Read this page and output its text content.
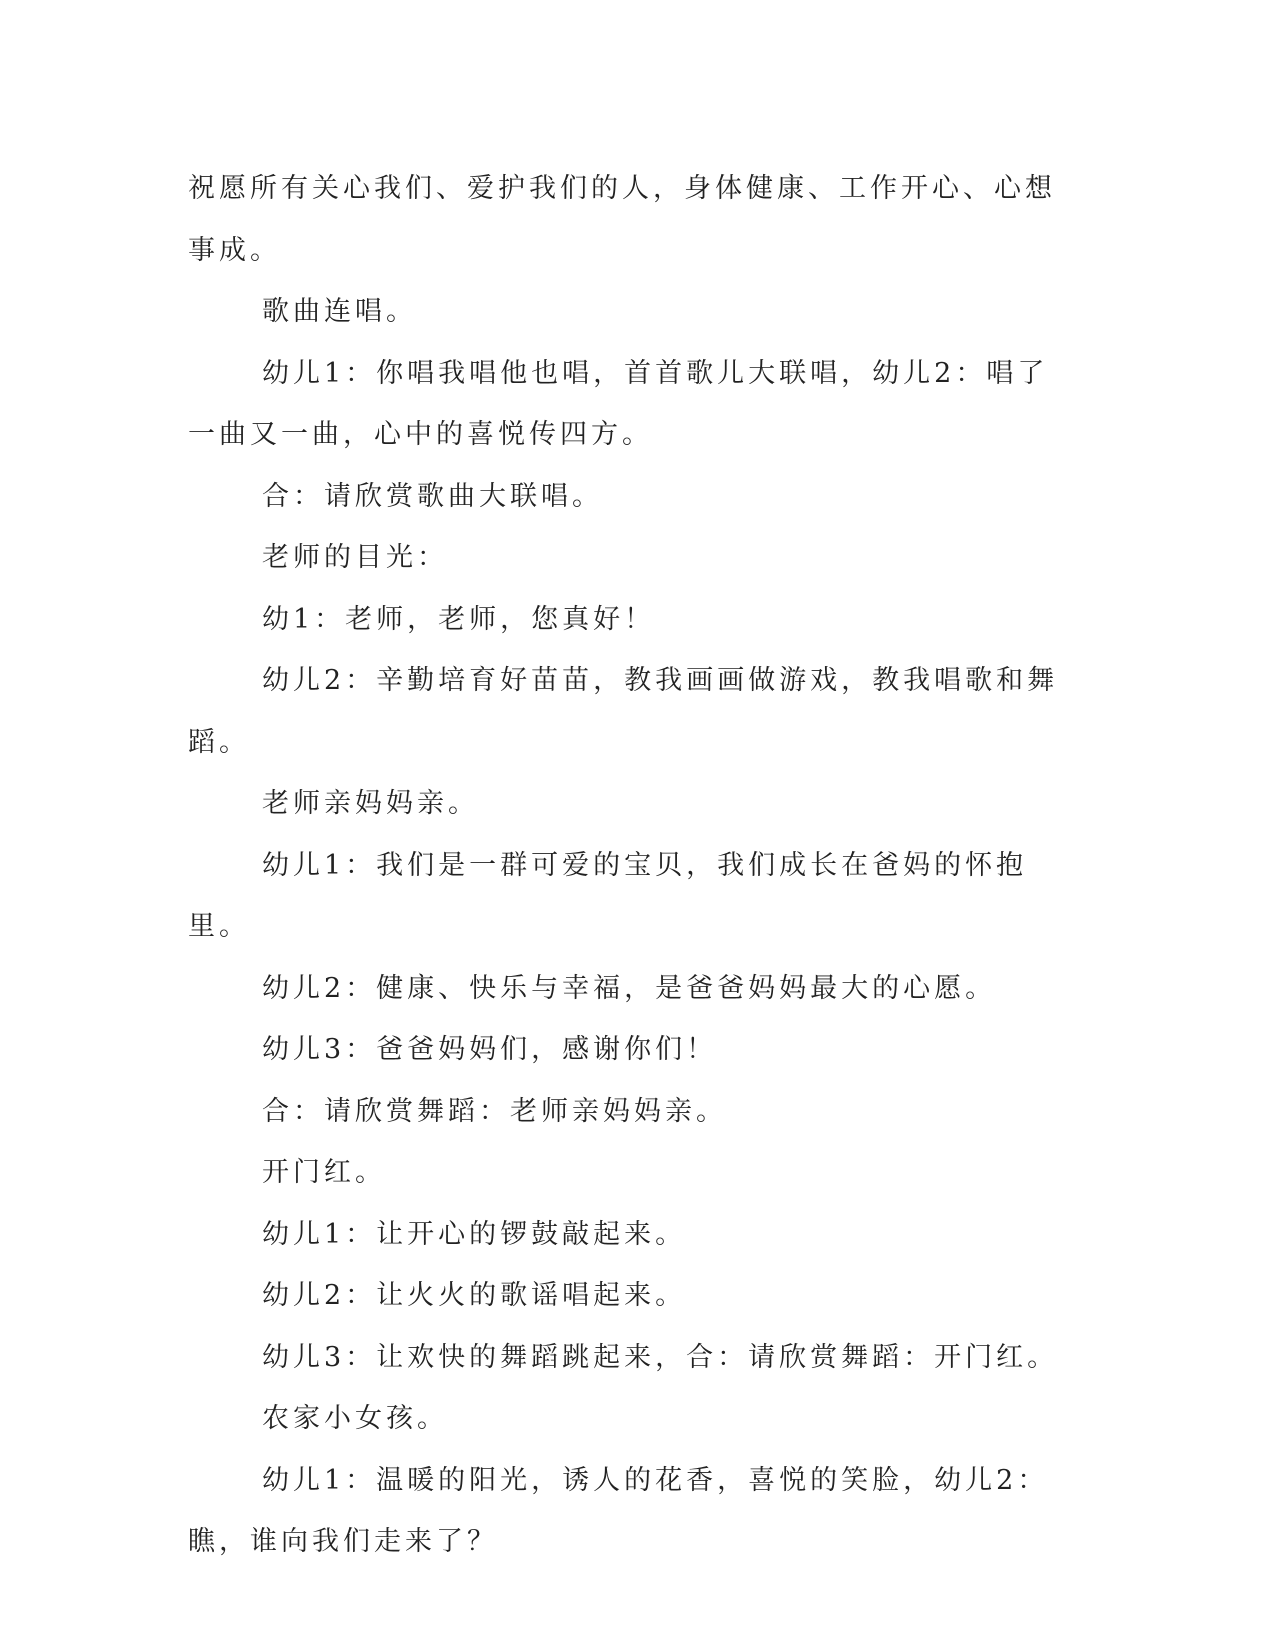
祝愿所有关心我们、爱护我们的人，身体健康、工作开心、心想事成。

歌曲连唱。

幼儿1：你唱我唱他也唱，首首歌儿大联唱，幼儿2：唱了一曲又一曲，心中的喜悦传四方。

合：请欣赏歌曲大联唱。

老师的目光：

幼1：老师，老师，您真好！

幼儿2：辛勤培育好苗苗，教我画画做游戏，教我唱歌和舞蹈。

老师亲妈妈亲。

幼儿1：我们是一群可爱的宝贝，我们成长在爸妈的怀抱里。

幼儿2：健康、快乐与幸福，是爸爸妈妈最大的心愿。

幼儿3：爸爸妈妈们，感谢你们！

合：请欣赏舞蹈：老师亲妈妈亲。

开门红。

幼儿1：让开心的锣鼓敲起来。

幼儿2：让火火的歌谣唱起来。

幼儿3：让欢快的舞蹈跳起来，合：请欣赏舞蹈：开门红。

农家小女孩。

幼儿1：温暖的阳光，诱人的花香，喜悦的笑脸，幼儿2：瞧，谁向我们走来了？
